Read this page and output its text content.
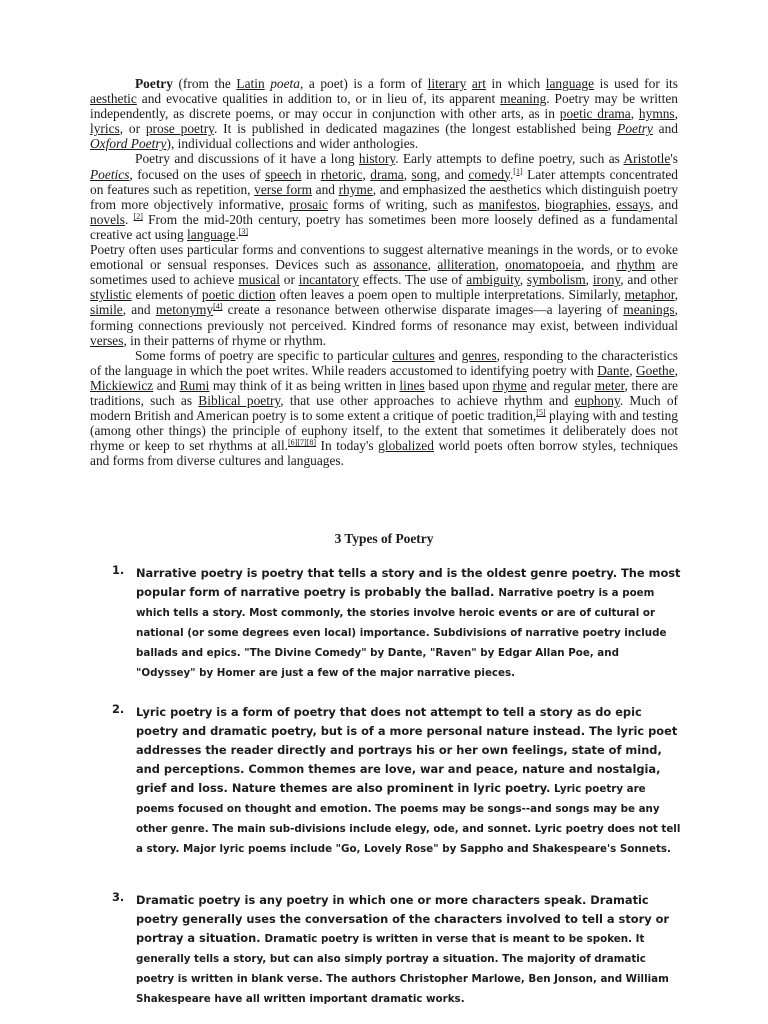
Poetry (from the Latin poeta, a poet) is a form of literary art in which language is used for its aesthetic and evocative qualities in addition to, or in lieu of, its apparent meaning. Poetry may be written independently, as discrete poems, or may occur in conjunction with other arts, as in poetic drama, hymns, lyrics, or prose poetry. It is published in dedicated magazines (the longest established being Poetry and Oxford Poetry), individual collections and wider anthologies.

Poetry and discussions of it have a long history. Early attempts to define poetry, such as Aristotle's Poetics, focused on the uses of speech in rhetoric, drama, song, and comedy.[1] Later attempts concentrated on features such as repetition, verse form and rhyme, and emphasized the aesthetics which distinguish poetry from more objectively informative, prosaic forms of writing, such as manifestos, biographies, essays, and novels. [2] From the mid-20th century, poetry has sometimes been more loosely defined as a fundamental creative act using language.[3]

Poetry often uses particular forms and conventions to suggest alternative meanings in the words, or to evoke emotional or sensual responses. Devices such as assonance, alliteration, onomatopoeia, and rhythm are sometimes used to achieve musical or incantatory effects. The use of ambiguity, symbolism, irony, and other stylistic elements of poetic diction often leaves a poem open to multiple interpretations. Similarly, metaphor, simile, and metonymy[4] create a resonance between otherwise disparate images—a layering of meanings, forming connections previously not perceived. Kindred forms of resonance may exist, between individual verses, in their patterns of rhyme or rhythm.

Some forms of poetry are specific to particular cultures and genres, responding to the characteristics of the language in which the poet writes. While readers accustomed to identifying poetry with Dante, Goethe, Mickiewicz and Rumi may think of it as being written in lines based upon rhyme and regular meter, there are traditions, such as Biblical poetry, that use other approaches to achieve rhythm and euphony. Much of modern British and American poetry is to some extent a critique of poetic tradition,[5] playing with and testing (among other things) the principle of euphony itself, to the extent that sometimes it deliberately does not rhyme or keep to set rhythms at all.[6][7][8] In today's globalized world poets often borrow styles, techniques and forms from diverse cultures and languages.

3 Types of Poetry
1. Narrative poetry is poetry that tells a story and is the oldest genre poetry. The most popular form of narrative poetry is probably the ballad. Narrative poetry is a poem which tells a story. Most commonly, the stories involve heroic events or are of cultural or national (or some degrees even local) importance. Subdivisions of narrative poetry include ballads and epics. "The Divine Comedy" by Dante, "Raven" by Edgar Allan Poe, and "Odyssey" by Homer are just a few of the major narrative pieces.
2. Lyric poetry is a form of poetry that does not attempt to tell a story as do epic poetry and dramatic poetry, but is of a more personal nature instead. The lyric poet addresses the reader directly and portrays his or her own feelings, state of mind, and perceptions. Common themes are love, war and peace, nature and nostalgia, grief and loss. Nature themes are also prominent in lyric poetry. Lyric poetry are poems focused on thought and emotion. The poems may be songs--and songs may be any other genre. The main sub-divisions include elegy, ode, and sonnet. Lyric poetry does not tell a story. Major lyric poems include "Go, Lovely Rose" by Sappho and Shakespeare's Sonnets.
3. Dramatic poetry is any poetry in which one or more characters speak. Dramatic poetry generally uses the conversation of the characters involved to tell a story or portray a situation. Dramatic poetry is written in verse that is meant to be spoken. It generally tells a story, but can also simply portray a situation. The majority of dramatic poetry is written in blank verse. The authors Christopher Marlowe, Ben Jonson, and William Shakespeare have all written important dramatic works.
